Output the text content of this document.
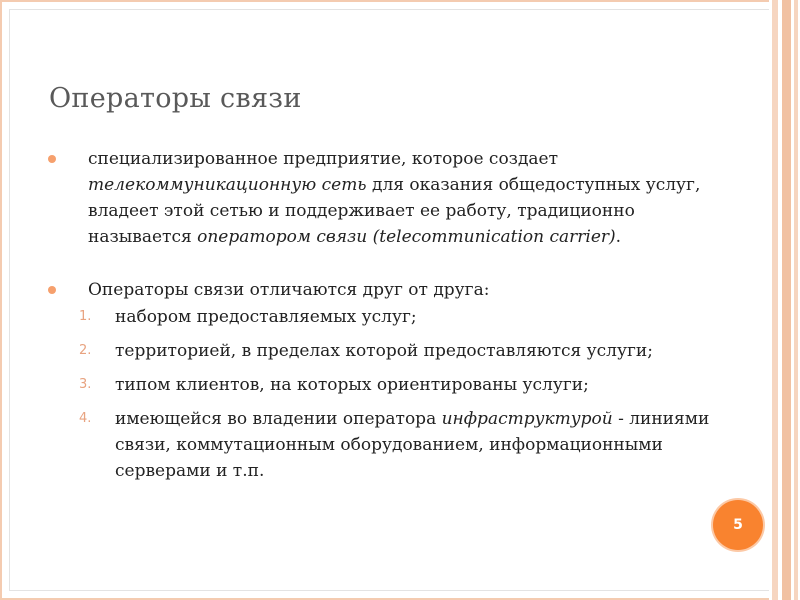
Операторы связи
специализированное предприятие, которое создает телекоммуникационную сеть для оказания общедоступных услуг, владеет этой сетью и поддерживает ее работу, традиционно называется оператором связи (telecommunication carrier).
Операторы связи отличаются друг от друга:
1. набором предоставляемых услуг;
2. территорией, в пределах которой предоставляются услуги;
3. типом клиентов, на которых ориентированы услуги;
4. имеющейся во владении оператора инфраструктурой - линиями связи, коммутационным оборудованием, информационными серверами и т.п.
5
